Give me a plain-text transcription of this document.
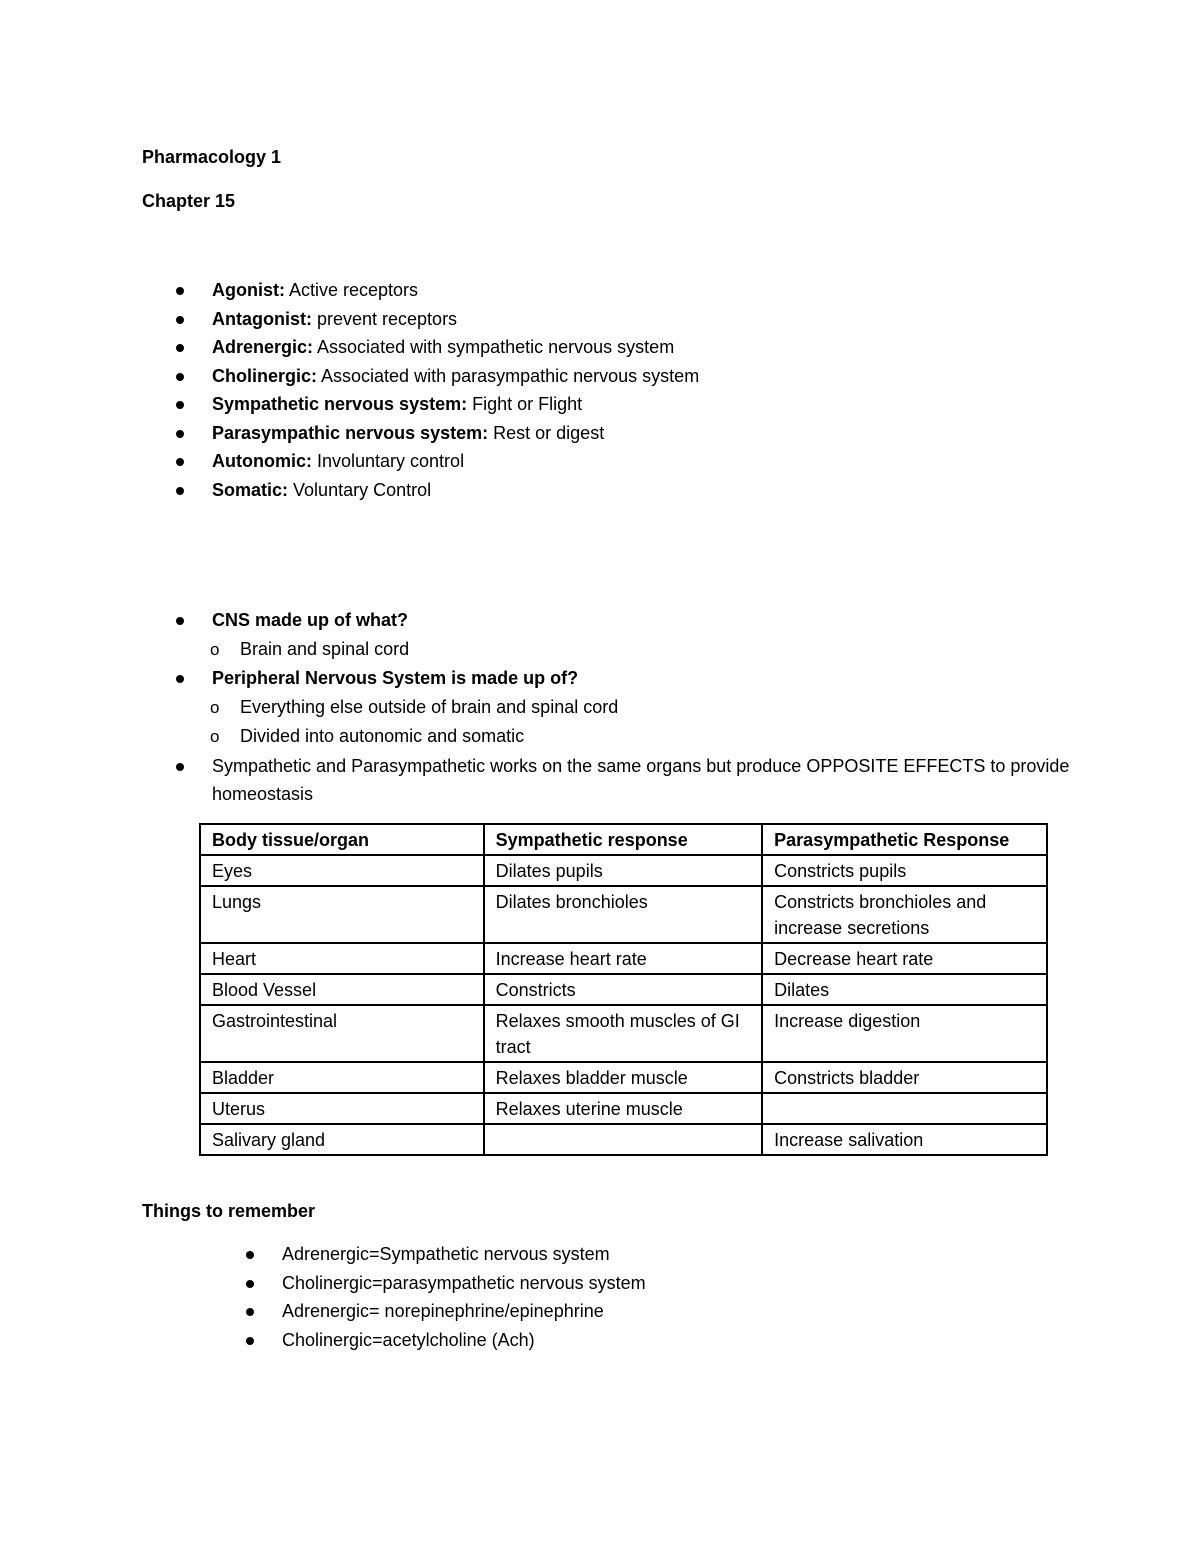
Pharmacology 1
Chapter 15
Agonist: Active receptors
Antagonist: prevent receptors
Adrenergic: Associated with sympathetic nervous system
Cholinergic: Associated with parasympathic nervous system
Sympathetic nervous system: Fight or Flight
Parasympathic nervous system: Rest or digest
Autonomic: Involuntary control
Somatic: Voluntary Control
CNS made up of what?
o Brain and spinal cord
Peripheral Nervous System is made up of?
o Everything else outside of brain and spinal cord
o Divided into autonomic and somatic
Sympathetic and Parasympathetic works on the same organs but produce OPPOSITE EFFECTS to provide homeostasis
Body tissue/organ	Sympathetic response	Parasympathetic Response
Eyes	Dilates pupils	Constricts pupils
Lungs	Dilates bronchioles	Constricts bronchioles and increase secretions
Heart	Increase heart rate	Decrease heart rate
Blood Vessel	Constricts	Dilates
Gastrointestinal	Relaxes smooth muscles of GI tract	Increase digestion
Bladder	Relaxes bladder muscle	Constricts bladder
Uterus	Relaxes uterine muscle	
Salivary gland		Increase salivation
Things to remember
Adrenergic=Sympathetic nervous system
Cholinergic=parasympathetic nervous system
Adrenergic= norepinephrine/epinephrine
Cholinergic=acetylcholine (Ach)
